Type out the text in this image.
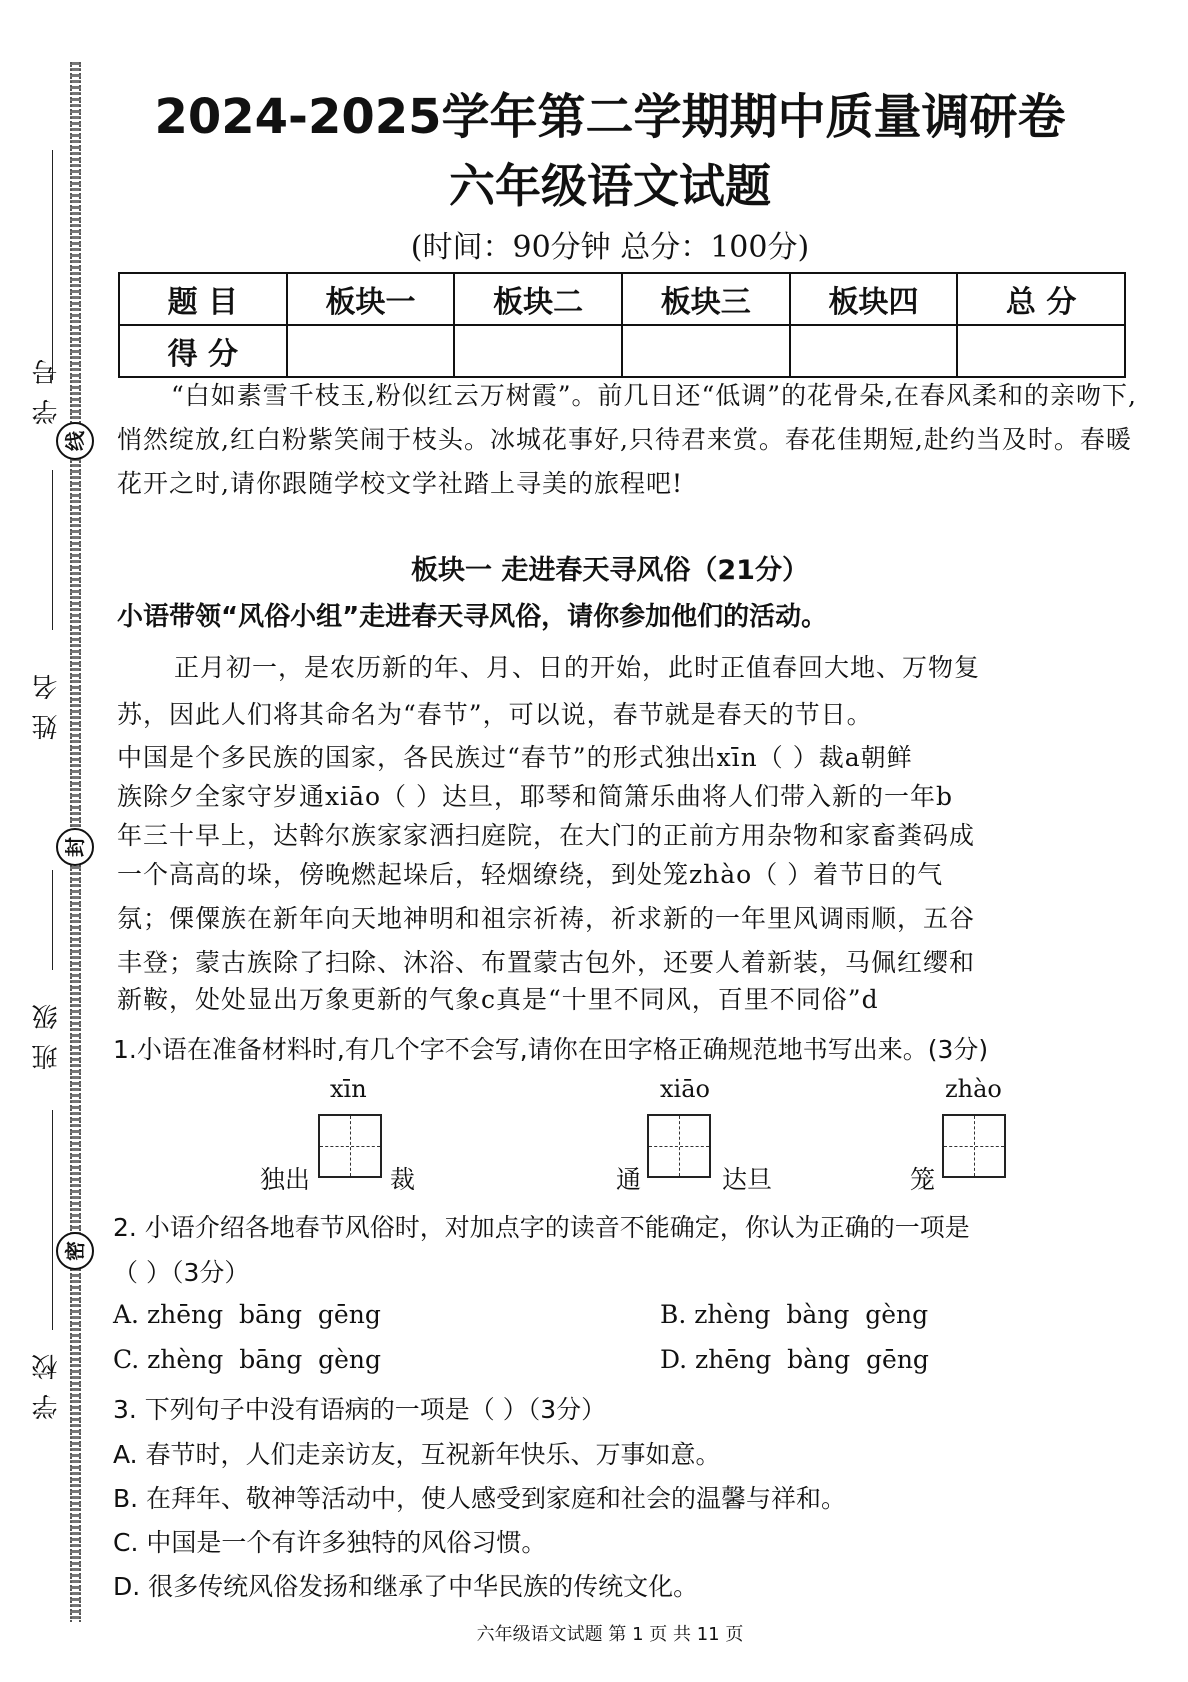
学号
姓名
班级
学校
线
封
密
2024-2025学年第二学期期中质量调研卷
六年级语文试题
(时间：90分钟 总分：100分)
题 目	板块一	板块二	板块三	板块四	总 分
得 分					
“白如素雪千枝玉,粉似红云万树霞”。前几日还“低调”的花骨朵,在春风柔和的亲吻下,悄然绽放,红白粉紫笑闹于枝头。冰城花事好,只待君来赏。春花佳期短,赴约当及时。春暖花开之时,请你跟随学校文学社踏上寻美的旅程吧!
板块一 走进春天寻风俗（21分）
小语带领“风俗小组”走进春天寻风俗，请你参加他们的活动。
正月初一，是农历新的年、月、日的开始，此时正值春回大地、万物复
苏，因此人们将其命名为“春节”，可以说，春节就是春天的节日。
中国是个多民族的国家，各民族过“春节”的形式独出xīn（ ）裁a朝鲜
族除夕全家守岁通xiāo（ ）达旦，耶琴和简箫乐曲将人们带入新的一年b
年三十早上，达斡尔族家家洒扫庭院，在大门的正前方用杂物和家畜粪码成
一个高高的垛，傍晚燃起垛后，轻烟缭绕，到处笼zhào（ ）着节日的气
氛；傈僳族在新年向天地神明和祖宗祈祷，祈求新的一年里风调雨顺，五谷
丰登；蒙古族除了扫除、沐浴、布置蒙古包外，还要人着新装，马佩红缨和
新鞍，处处显出万象更新的气象c真是“十里不同风，百里不同俗”d
1.小语在准备材料时,有几个字不会写,请你在田字格正确规范地书写出来。(3分)
xīn
独出	裁
xiāo
通	达旦
zhào
笼
2. 小语介绍各地春节风俗时，对加点字的读音不能确定，你认为正确的一项是
（ ）（3分）
A. zhēng  bāng  gēng	B. zhèng  bàng  gèng
C. zhèng  bāng  gèng	D. zhēng  bàng  gēng
3. 下列句子中没有语病的一项是（ ）（3分）
A. 春节时，人们走亲访友，互祝新年快乐、万事如意。
B. 在拜年、敬神等活动中，使人感受到家庭和社会的温馨与祥和。
C. 中国是一个有许多独特的风俗习惯。
D. 很多传统风俗发扬和继承了中华民族的传统文化。
六年级语文试题 第 1 页 共 11 页
